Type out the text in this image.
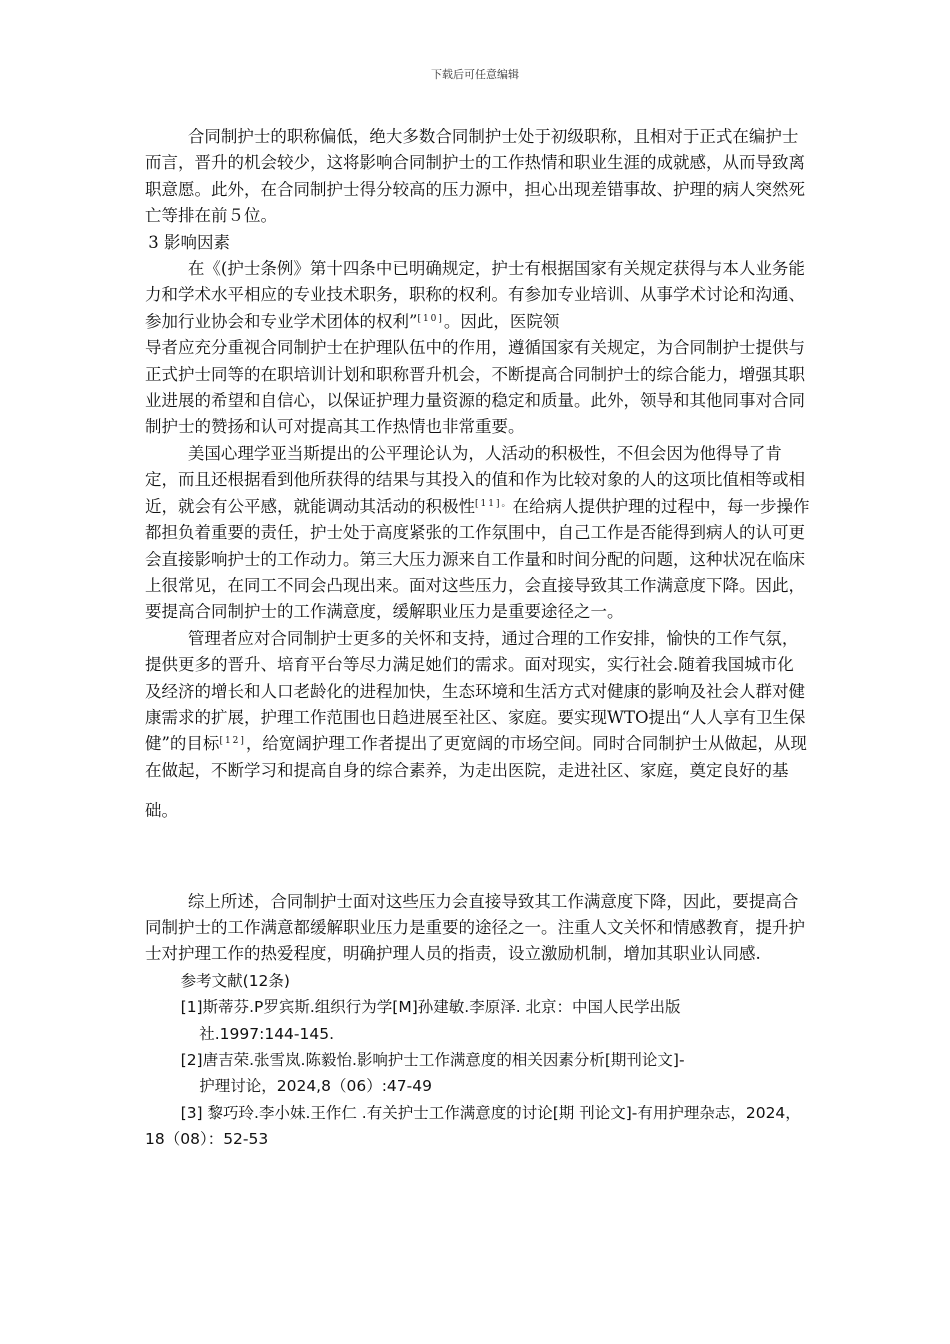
下载后可任意编辑

合同制护士的职称偏低，绝大多数合同制护士处于初级职称，且相对于正式在编护士而言，晋升的机会较少，这将影响合同制护士的工作热情和职业生涯的成就感，从而导致离职意愿。此外，在合同制护士得分较高的压力源中，担心出现差错事故、护理的病人突然死亡等排在前５位。

3 影响因素

在《(护士条例》第十四条中已明确规定，护士有根据国家有关规定获得与本人业务能力和学术水平相应的专业技术职务，职称的权利。有参加专业培训、从事学术讨论和沟通、参加行业协会和专业学术团体的权利”[10]。因此，医院领

导者应充分重视合同制护士在护理队伍中的作用，遵循国家有关规定，为合同制护士提供与正式护士同等的在职培训计划和职称晋升机会，不断提高合同制护士的综合能力，增强其职业进展的希望和自信心，以保证护理力量资源的稳定和质量。此外，领导和其他同事对合同制护士的赞扬和认可对提高其工作热情也非常重要。

美国心理学亚当斯提出的公平理论认为，人活动的积极性，不但会因为他得导了肯定，而且还根据看到他所获得的结果与其投入的值和作为比较对象的人的这项比值相等或相近，就会有公平感，就能调动其活动的积极性$^{[11]。}$在给病人提供护理的过程中，每一步操作都担负着重要的责任，护士处于高度紧张的工作氛围中，自己工作是否能得到病人的认可更会直接影响护士的工作动力。第三大压力源来自工作量和时间分配的问题，这种状况在临床上很常见，在同工不同会凸现出来。面对这些压力，会直接导致其工作满意度下降。因此，要提高合同制护士的工作满意度，缓解职业压力是重要途径之一。

管理者应对合同制护士更多的关怀和支持，通过合理的工作安排，愉快的工作气氛，提供更多的晋升、培育平台等尽力满足她们的需求。面对现实，实行社会.随着我国城市化及经济的增长和人口老龄化的进程加快，生态环境和生活方式对健康的影响及社会人群对健康需求的扩展，护理工作范围也日趋进展至社区、家庭。要实现WTO提出“人人享有卫生保健”的目标[12]，给宽阔护理工作者提出了更宽阔的市场空间。同时合同制护士从做起，从现在做起，不断学习和提高自身的综合素养，为走出医院，走进社区、家庭，奠定良好的基

础。

综上所述，合同制护士面对这些压力会直接导致其工作满意度下降，因此，要提高合同制护士的工作满意都缓解职业压力是重要的途径之一。注重人文关怀和情感教育，提升护士对护理工作的热爱程度，明确护理人员的指责，设立激励机制，增加其职业认同感.

参考文献(12条)

[1]斯蒂芬.P罗宾斯.组织行为学[M]孙建敏.李原泽. 北京：中国人民学出版
社.1997:144-145.

[2]唐吉荣.张雪岚.陈毅怡.影响护士工作满意度的相关因素分析[期刊论文]-
护理讨论，2024,8（06）:47-49

[3] 黎巧玲.李小妹.王作仁 .有关护士工作满意度的讨论[期 刊论文]-有用护理杂志，2024，18（08）：52-53
